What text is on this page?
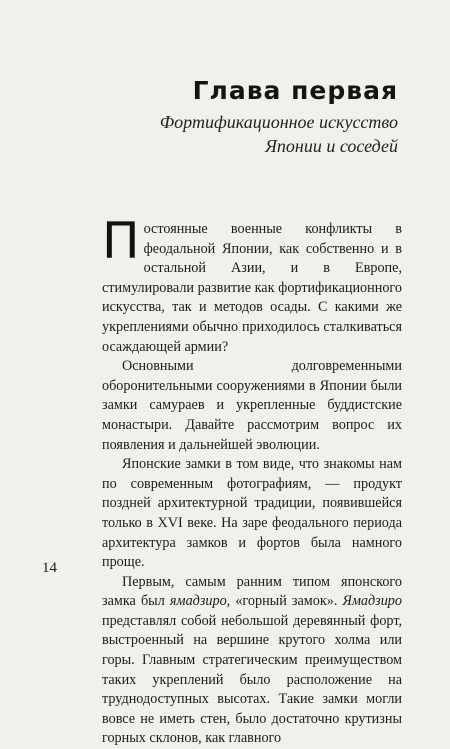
Глава первая
Фортификационное искусство
Японии и соседей

Постоянные военные конфликты в феодальной Японии, как собственно и в остальной Азии, и в Европе, стимулировали развитие как фортификационного искусства, так и методов осады. С какими же укреплениями обычно приходилось сталкиваться осаждающей армии?

Основными долговременными оборонительными сооружениями в Японии были замки самураев и укрепленные буддистские монастыри. Давайте рассмотрим вопрос их появления и дальнейшей эволюции.

Японские замки в том виде, что знакомы нам по современным фотографиям, — продукт поздней архитектурной традиции, появившейся только в XVI веке. На заре феодального периода архитектура замков и фортов была намного проще.

Первым, самым ранним типом японского замка был ямадзиро, «горный замок». Ямадзиро представлял собой небольшой деревянный форт, выстроенный на вершине крутого холма или горы. Главным стратегическим преимуществом таких укреплений было расположение на труднодоступных высотах. Такие замки могли вовсе не иметь стен, было достаточно крутизны горных склонов, как главного

14
